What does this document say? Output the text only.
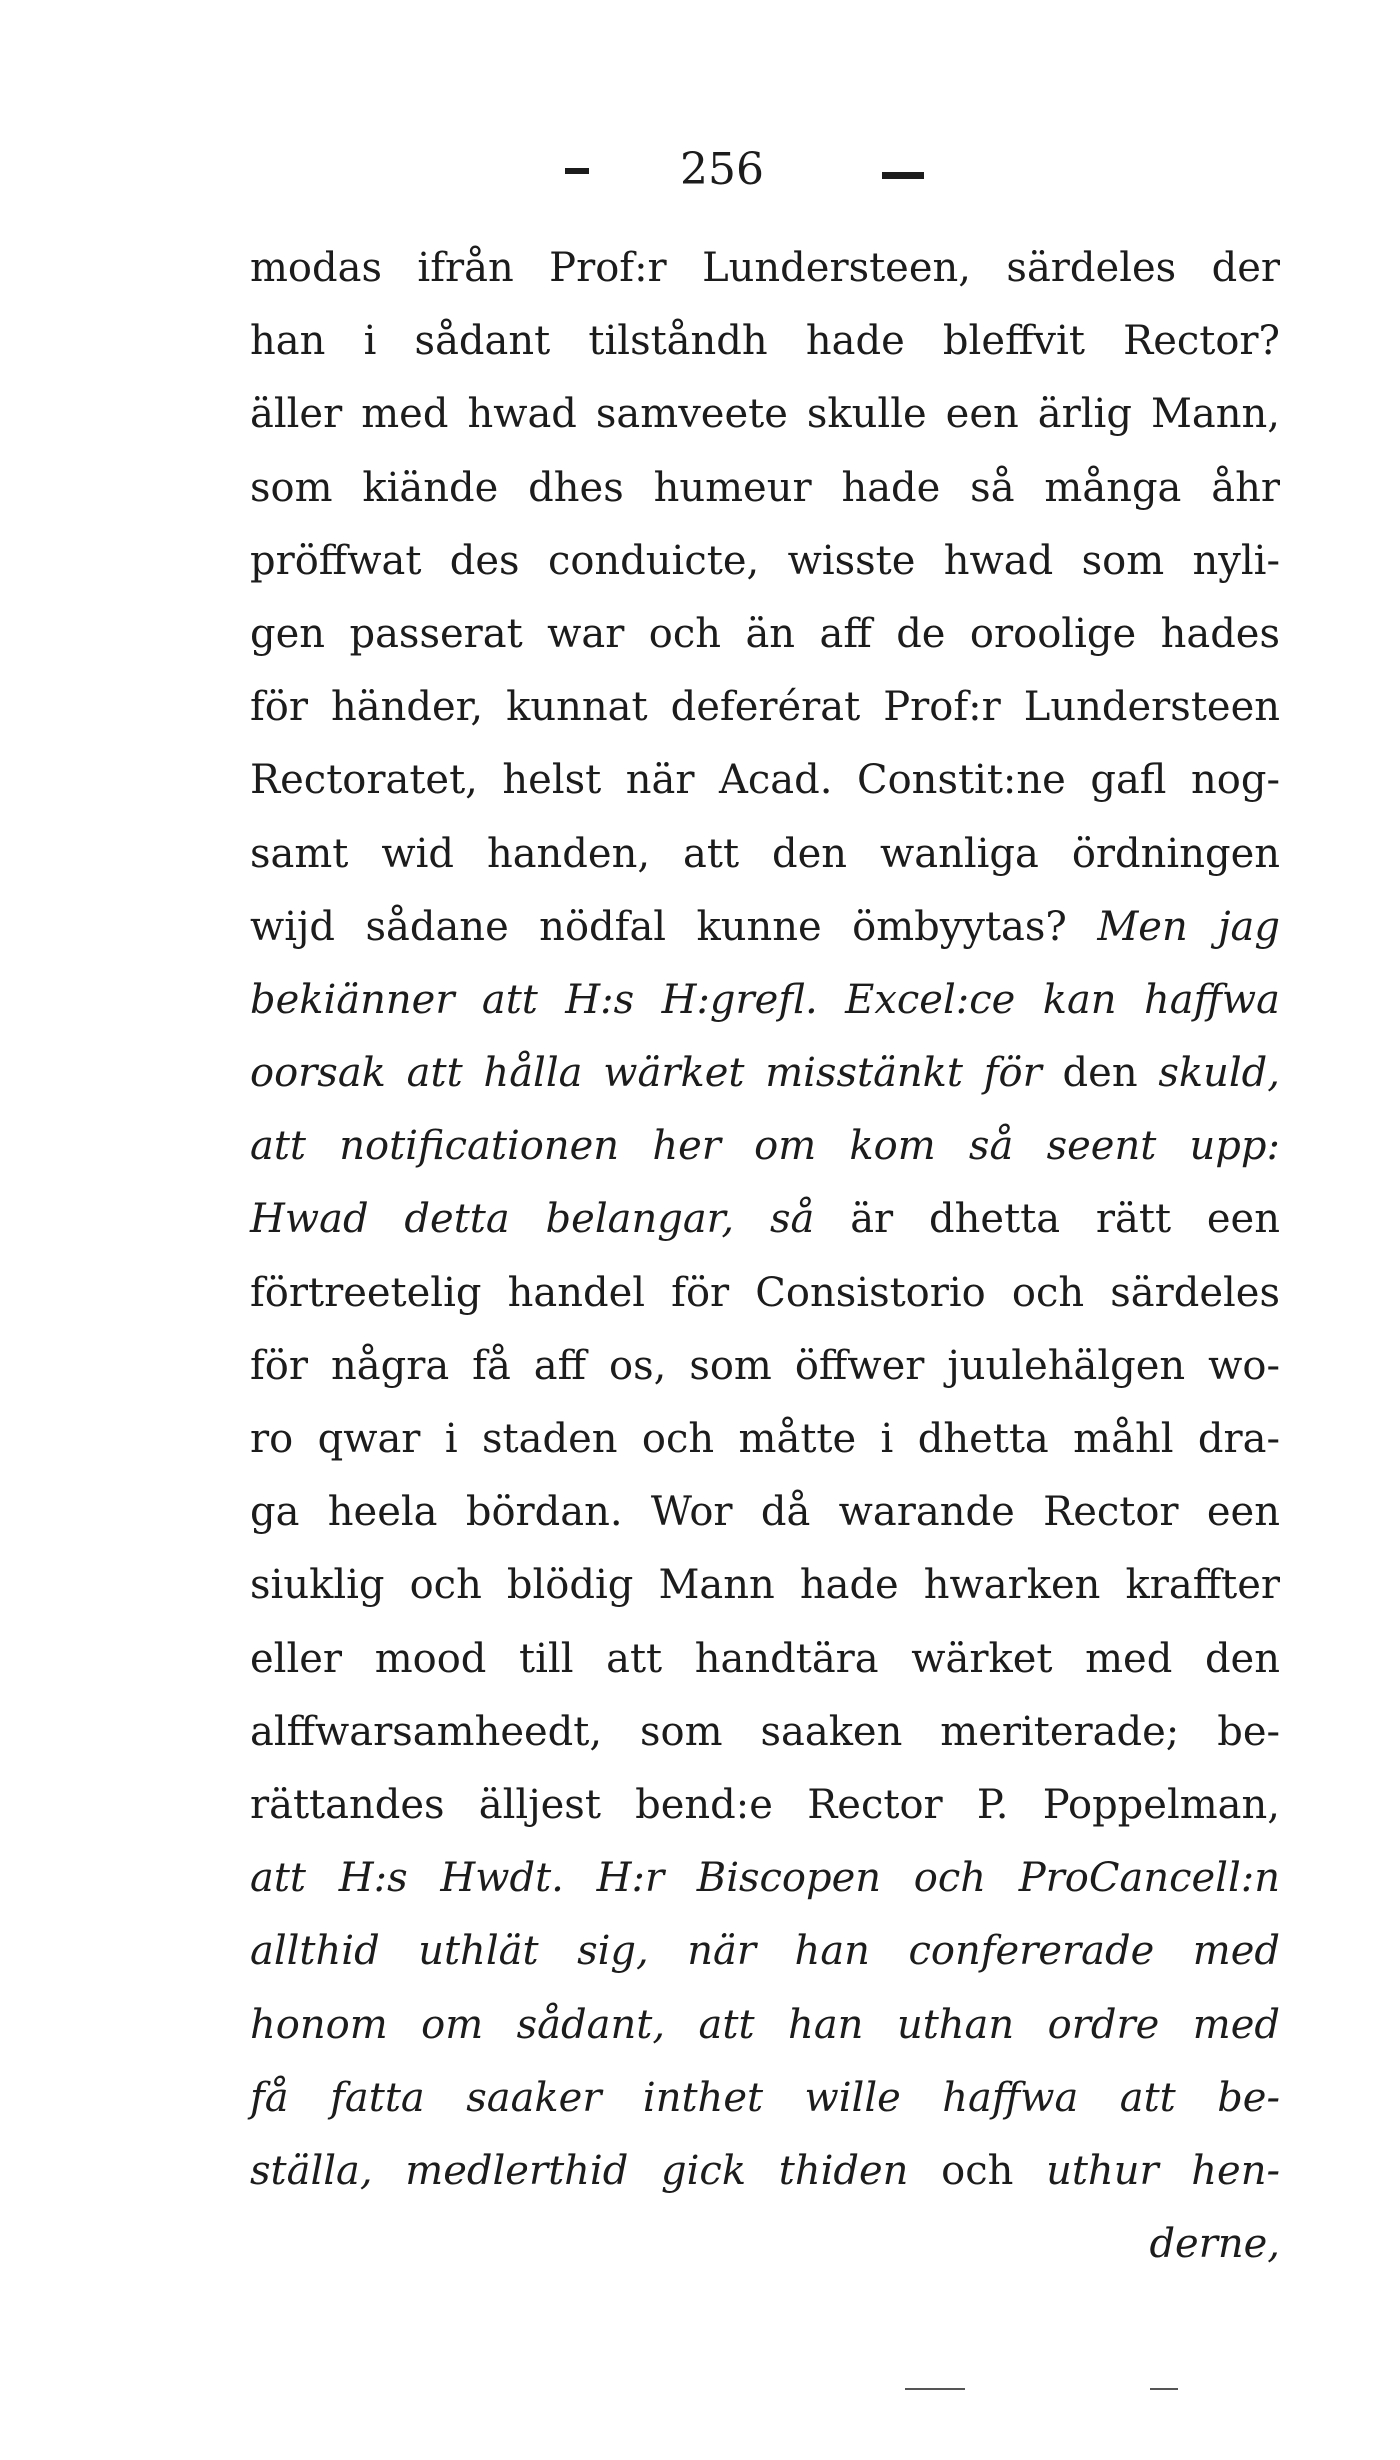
256
modas ifrån Prof:r Lundersteen, särdeles der
han i sådant tilståndh hade bleffvit Rector?
äller med hwad samveete skulle een ärlig Mann,
som kiände dhes humeur hade så många åhr
pröffwat des conduicte, wisste hwad som nyli-
gen passerat war och än aff de oroolige hades
för händer, kunnat deferérat Prof:r Lundersteen
Rectoratet, helst när Acad. Constit:ne gafl nog-
samt wid handen, att den wanliga ördningen
wijd sådane nödfal kunne ömbyytas? Men jag
bekiänner att H:s H:grefl. Excel:ce kan haffwa
oorsak att hålla wärket misstänkt för den skuld,
att notificationen her om kom så seent upp:
Hwad detta belangar, så är dhetta rätt een
förtreetelig handel för Consistorio och särdeles
för några få aff os, som öffwer juulehälgen wo-
ro qwar i staden och måtte i dhetta måhl dra-
ga heela bördan. Wor då warande Rector een
siuklig och blödig Mann hade hwarken kraffter
eller mood till att handtära wärket med den
alffwarsamheedt, som saaken meriterade; be-
rättandes älljest bend:e Rector P. Poppelman,
att H:s Hwdt. H:r Biscopen och ProCancell:n
allthid uthlät sig, när han confererade med
honom om sådant, att han uthan ordre med
få fatta saaker inthet wille haffwa att be-
ställa, medlerthid gick thiden och uthur hen-
derne,
